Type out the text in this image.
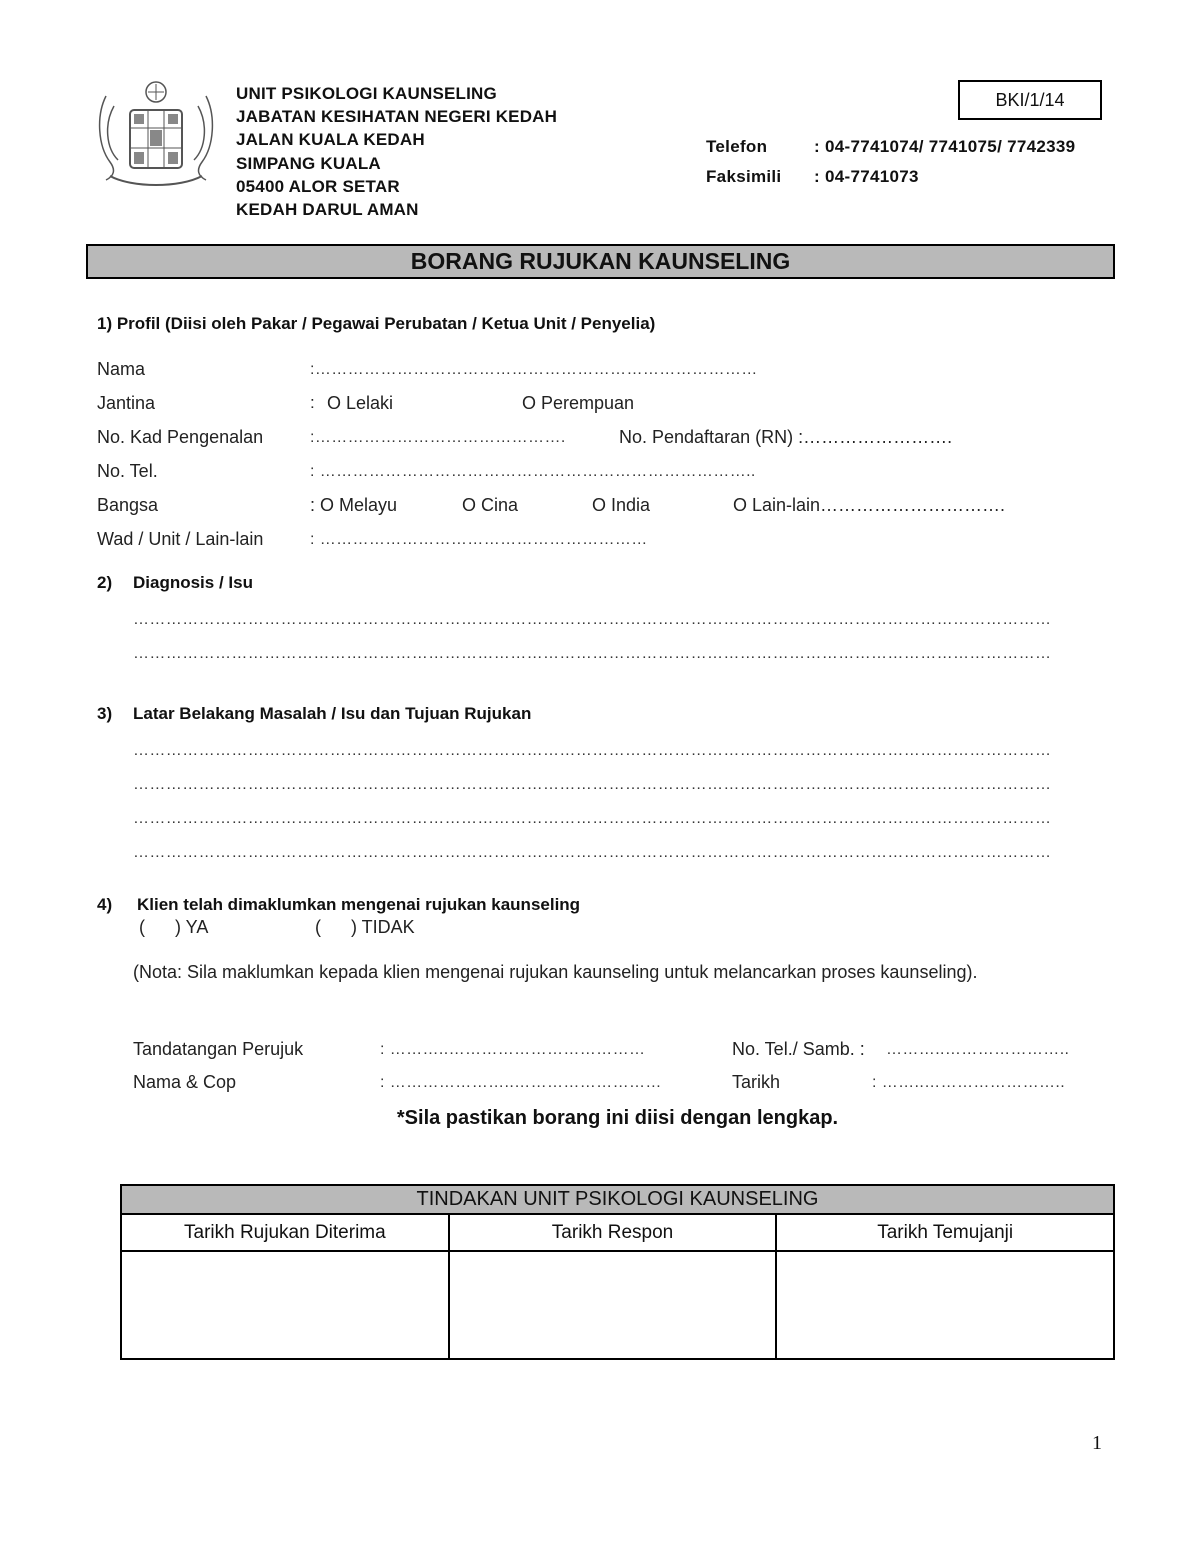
UNIT PSIKOLOGI KAUNSELING
JABATAN KESIHATAN NEGERI KEDAH
JALAN KUALA KEDAH
SIMPANG KUALA
05400 ALOR SETAR
KEDAH DARUL AMAN
BKI/1/14
Telefon	: 04-7741074/ 7741075/ 7742339
Faksimili : 04-7741073
BORANG RUJUKAN KAUNSELING
1) Profil (Diisi oleh Pakar / Pegawai Perubatan / Ketua Unit / Penyelia)
Nama	:………………………………………………………………………
Jantina	: O Lelaki	O Perempuan
No. Kad Pengenalan	:……………………………………….	No. Pendaftaran (RN) :…………………….
No. Tel.	: ……………………………………………………………………..
Bangsa	: O Melayu	O Cina	O India	O Lain-lain………………………….
Wad / Unit / Lain-lain	: ……………………………………………………
2) Diagnosis / Isu
……………………………………………………………………………………………………………………………………………………
……………………………………………………………………………………………………………………………………………………
3) Latar Belakang Masalah / Isu dan Tujuan Rujukan
……………………………………………………………………………………………………………………………………………………
……………………………………………………………………………………………………………………………………………………
……………………………………………………………………………………………………………………………………………………
……………………………………………………………………………………………………………………………………………………
4) Klien telah dimaklumkan mengenai rujukan kaunseling
(      ) YA	(      ) TIDAK
(Nota: Sila maklumkan kepada klien mengenai rujukan kaunseling untuk melancarkan proses kaunseling).
Tandatangan Perujuk	: ………..………………………………	No. Tel./ Samb. : ………..…………………..
Nama & Cop	: …………………..………………………	Tarikh	: ……..……………………..
*Sila pastikan borang ini diisi dengan lengkap.
TINDAKAN UNIT PSIKOLOGI KAUNSELING		
Tarikh Rujukan Diterima	Tarikh Respon	Tarikh Temujanji

1
